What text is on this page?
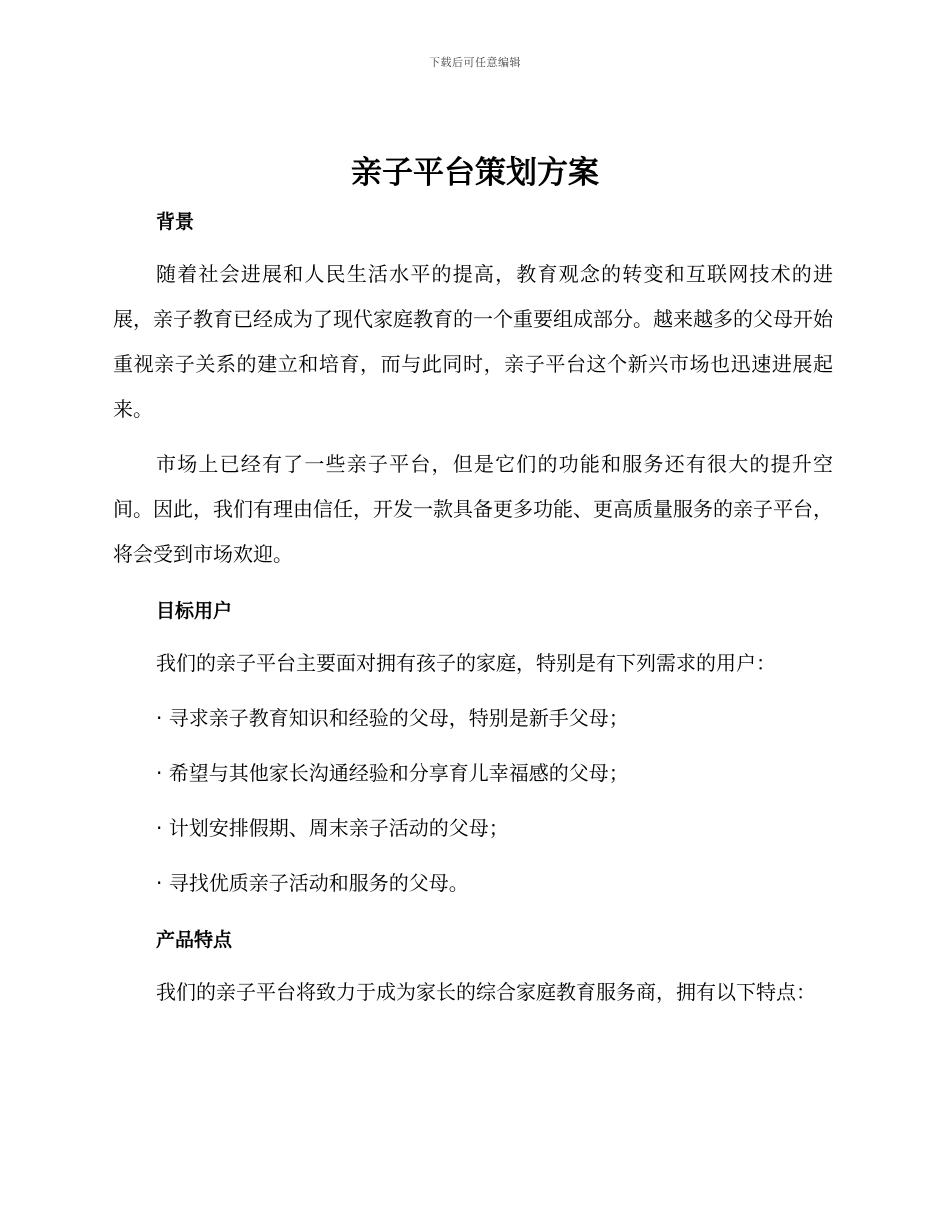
下载后可任意编辑
亲子平台策划方案
背景

随着社会进展和人民生活水平的提高，教育观念的转变和互联网技术的进展，亲子教育已经成为了现代家庭教育的一个重要组成部分。越来越多的父母开始重视亲子关系的建立和培育，而与此同时，亲子平台这个新兴市场也迅速进展起来。

市场上已经有了一些亲子平台，但是它们的功能和服务还有很大的提升空间。因此，我们有理由信任，开发一款具备更多功能、更高质量服务的亲子平台，将会受到市场欢迎。

目标用户

我们的亲子平台主要面对拥有孩子的家庭，特别是有下列需求的用户：

· 寻求亲子教育知识和经验的父母，特别是新手父母；

· 希望与其他家长沟通经验和分享育儿幸福感的父母；

· 计划安排假期、周末亲子活动的父母；

· 寻找优质亲子活动和服务的父母。

产品特点

我们的亲子平台将致力于成为家长的综合家庭教育服务商，拥有以下特点：
